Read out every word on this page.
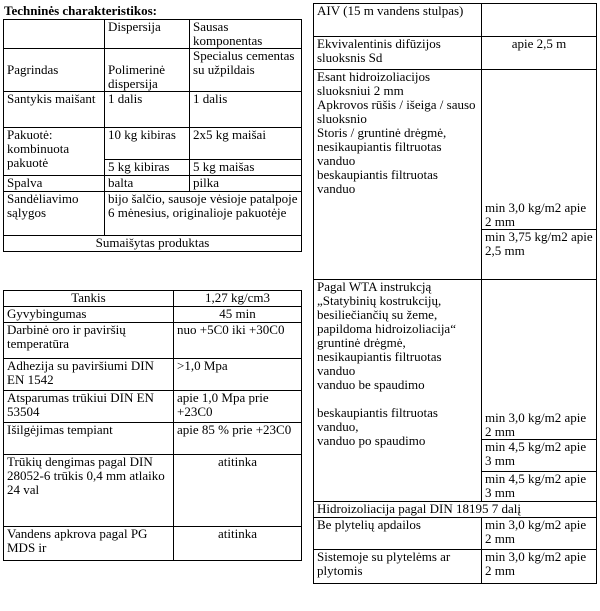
Techninės charakteristikos:
	Dispersija	Sausas komponentas
Pagrindas	Polimerinė dispersija	Specialus cementas su užpildais
Santykis maišant	1 dalis	1 dalis
Pakuotė: kombinuota pakuotė	10 kg kibiras	2x5 kg maišai
	5 kg kibiras	5 kg maišas
Spalva	balta	pilka
Sandėliavimo sąlygos	bijo šalčio, sausoje vėsioje patalpoje 6 mėnesius, originalioje pakuotėje	
Sumaišytas produktas		
Tankis	1,27 kg/cm3
Gyvybingumas	45 min
Darbinė oro ir paviršių temperatūra	nuo +5C0 iki +30C0
Adhezija su paviršiumi DIN EN 1542	>1,0 Mpa
Atsparumas trūkiui DIN EN 53504	apie 1,0 Mpa prie +23C0
Išilgėjimas tempiant	apie 85 % prie +23C0
Trūkių dengimas pagal DIN
28052-6 trūkis 0,4 mm atlaiko 24 val	atitinka
Vandens apkrova pagal PG MDS ir	atitinka
AIV (15 m vandens stulpas)	
Ekvivalentinis difūzijos sluoksnis Sd	apie 2,5 m
Esant hidroizoliacijos sluoksniui 2 mm
Apkrovos rūšis / išeiga / sauso sluoksnio
Storis / gruntinė drėgmė, nesikaupiantis filtruotas vanduo
beskaupiantis filtruotas vanduo	min 3,0 kg/m2 apie 2 mm
	min 3,75 kg/m2 apie 2,5 mm
Pagal WTA instrukcją „Statybinių kostrukcijų, besiliečiančių su žeme, papildoma hidroizoliacija“
gruntinė drėgmė, nesikaupiantis filtruotas vanduo
vanduo be spaudimo

beskaupiantis filtruotas vanduo,
vanduo po spaudimo	min 3,0 kg/m2 apie 2 mm
	min 4,5 kg/m2 apie 3 mm
	min 4,5 kg/m2 apie 3 mm
Hidroizoliacija pagal DIN 18195 7 dalį	
Be plytelių apdailos	min 3,0 kg/m2 apie 2 mm
Sistemoje su plytelėms ar plytomis	min 3,0 kg/m2 apie 2 mm
